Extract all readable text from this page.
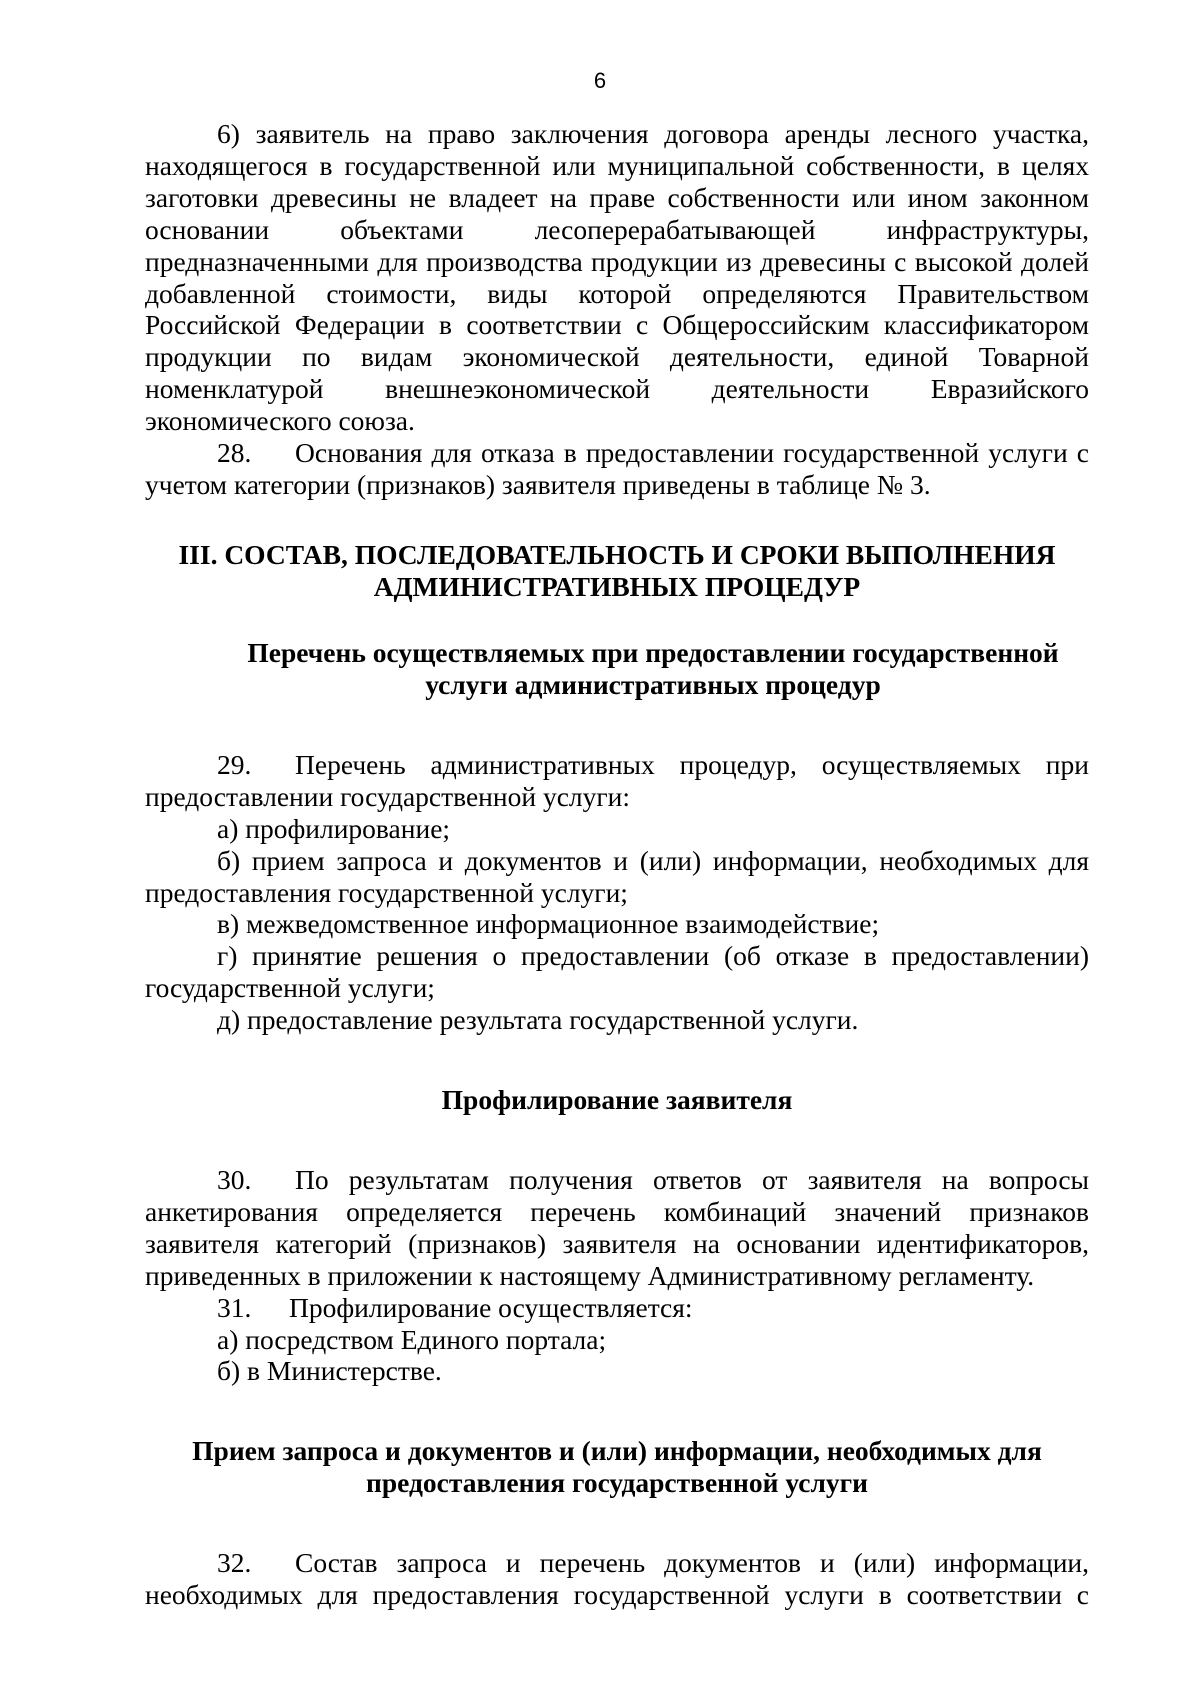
6

6) заявитель на право заключения договора аренды лесного участка, находящегося в государственной или муниципальной собственности, в целях заготовки древесины не владеет на праве собственности или ином законном основании объектами лесоперерабатывающей инфраструктуры, предназначенными для производства продукции из древесины с высокой долей добавленной стоимости, виды которой определяются Правительством Российской Федерации в соответствии с Общероссийским классификатором продукции по видам экономической деятельности, единой Товарной номенклатурой внешнеэкономической деятельности Евразийского экономического союза.

28. Основания для отказа в предоставлении государственной услуги с учетом категории (признаков) заявителя приведены в таблице № 3.

III. СОСТАВ, ПОСЛЕДОВАТЕЛЬНОСТЬ И СРОКИ ВЫПОЛНЕНИЯ АДМИНИСТРАТИВНЫХ ПРОЦЕДУР
Перечень осуществляемых при предоставлении государственной услуги административных процедур

29. Перечень административных процедур, осуществляемых при предоставлении государственной услуги:

а) профилирование;

б) прием запроса и документов и (или) информации, необходимых для предоставления государственной услуги;

в) межведомственное информационное взаимодействие;

г) принятие решения о предоставлении (об отказе в предоставлении) государственной услуги;

д) предоставление результата государственной услуги.

Профилирование заявителя

30. По результатам получения ответов от заявителя на вопросы анкетирования определяется перечень комбинаций значений признаков заявителя категорий (признаков) заявителя на основании идентификаторов, приведенных в приложении к настоящему Административному регламенту.

31. Профилирование осуществляется:

а) посредством Единого портала;

б) в Министерстве.

Прием запроса и документов и (или) информации, необходимых для предоставления государственной услуги

32. Состав запроса и перечень документов и (или) информации, необходимых для предоставления государственной услуги в соответствии с
